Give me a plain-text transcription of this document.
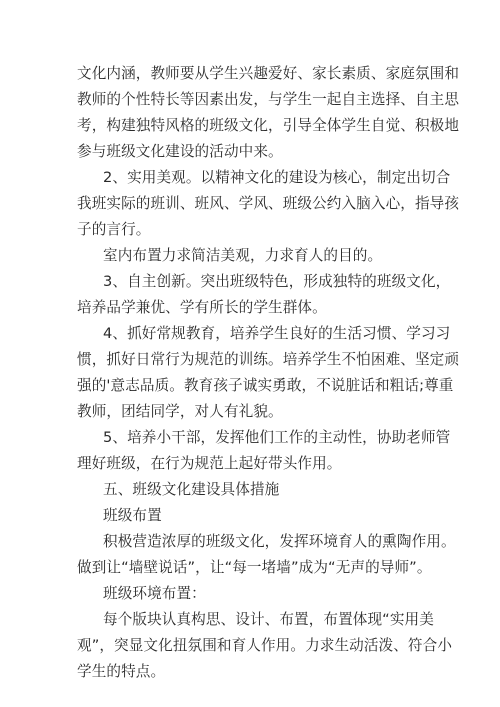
文化内涵，教师要从学生兴趣爱好、家长素质、家庭氛围和
教师的个性特长等因素出发，与学生一起自主选择、自主思
考，构建独特风格的班级文化，引导全体学生自觉、积极地
参与班级文化建设的活动中来。
2、实用美观。以精神文化的建设为核心，制定出切合
我班实际的班训、班风、学风、班级公约入脑入心，指导孩
子的言行。
室内布置力求简洁美观，力求育人的目的。
3、自主创新。突出班级特色，形成独特的班级文化，
培养品学兼优、学有所长的学生群体。
4、抓好常规教育，培养学生良好的生活习惯、学习习
惯，抓好日常行为规范的训练。培养学生不怕困难、坚定顽
强的'意志品质。教育孩子诚实勇敢，不说脏话和粗话;尊重
教师，团结同学，对人有礼貌。
5、培养小干部，发挥他们工作的主动性，协助老师管
理好班级，在行为规范上起好带头作用。
五、班级文化建设具体措施
班级布置
积极营造浓厚的班级文化，发挥环境育人的熏陶作用。
做到让“墙壁说话”，让“每一堵墙”成为“无声的导师”。
班级环境布置：
每个版块认真构思、设计、布置，布置体现“实用美
观”，突显文化扭氛围和育人作用。力求生动活泼、符合小
学生的特点。
